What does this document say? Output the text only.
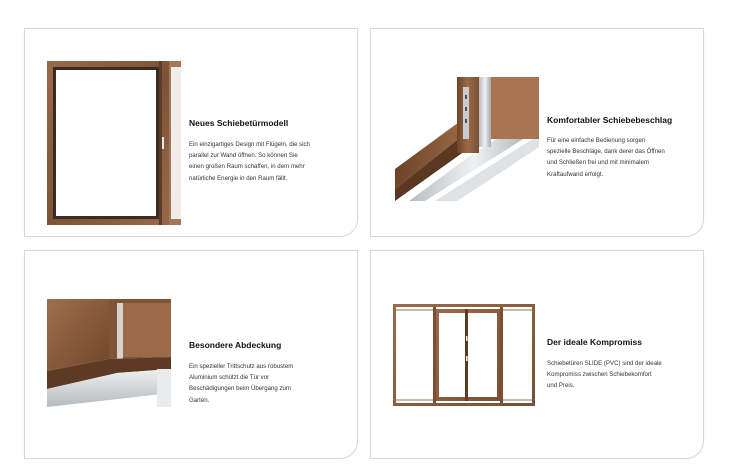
Neues Schiebetürmodell

Ein einzigartiges Design mit Flügeln, die sich
parallel zur Wand öffnen. So können Sie
einen großen Raum schaffen, in dem mehr
natürliche Energie in den Raum fällt.

Komfortabler Schiebebeschlag

Für eine einfache Bedienung sorgen
spezielle Beschläge, dank derer das Öffnen
und Schließen frei und mit minimalem
Kraftaufwand erfolgt.

Besondere Abdeckung

Ein spezieller Trittschutz aus robustem
Aluminium schützt die Tür vor
Beschädigungen beim Übergang zum
Garten.

Der ideale Kompromiss

Schiebetüren SLIDE (PVC) sind der ideale
Kompromiss zwischen Schiebekomfort
und Preis.
